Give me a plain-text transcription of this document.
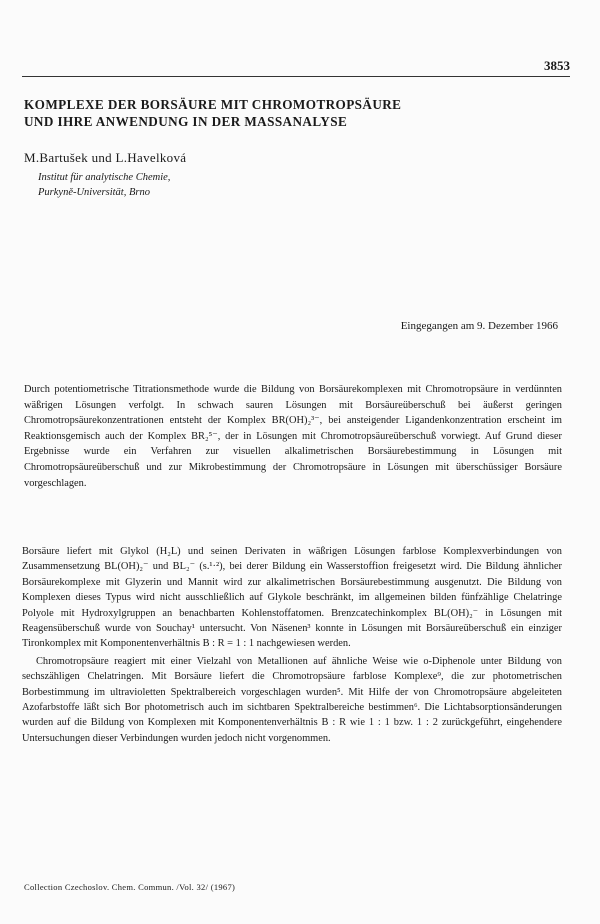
3853
KOMPLEXE DER BORSÄURE MIT CHROMOTROPSÄURE
UND IHRE ANWENDUNG IN DER MASSANALYSE
M.Bartušek und L.Havelková
Institut für analytische Chemie,
Purkyně-Universität, Brno
Eingegangen am 9. Dezember 1966
Durch potentiometrische Titrationsmethode wurde die Bildung von Borsäurekomplexen mit Chromotropsäure in verdünnten wäßrigen Lösungen verfolgt. In schwach sauren Lösungen mit Borsäureüberschuß bei äußerst geringen Chromotropsäurekonzentrationen entsteht der Komplex BR(OH)₂³⁻, bei ansteigender Ligandenkonzentration erscheint im Reaktionsgemisch auch der Komplex BR₂⁵⁻, der in Lösungen mit Chromotropsäureüberschuß vorwiegt. Auf Grund dieser Ergebnisse wurde ein Verfahren zur visuellen alkalimetrischen Borsäurebestimmung in Lösungen mit Chromotropsäureüberschuß und zur Mikrobestimmung der Chromotropsäure in Lösungen mit überschüssiger Borsäure vorgeschlagen.

Borsäure liefert mit Glykol (H₂L) und seinen Derivaten in wäßrigen Lösungen farblose Komplexverbindungen von Zusammensetzung BL(OH)₂⁻ und BL₂⁻ (s.¹·²), bei derer Bildung ein Wasserstoffion freigesetzt wird. Die Bildung ähnlicher Borsäurekomplexe mit Glyzerin und Mannit wird zur alkalimetrischen Borsäurebestimmung ausgenutzt. Die Bildung von Komplexen dieses Typus wird nicht ausschließlich auf Glykole beschränkt, im allgemeinen bilden fünfzählige Chelatringe Polyole mit Hydroxylgruppen an benachbarten Kohlenstoffatomen. Brenzcatechinkomplex BL(OH)₂⁻ in Lösungen mit Reagensüberschuß wurde von Souchay¹ untersucht. Von Näsenen³ konnte in Lösungen mit Borsäureüberschuß ein einziger Tironkomplex mit Komponentenverhältnis B : R = 1 : 1 nachgewiesen werden.

Chromotropsäure reagiert mit einer Vielzahl von Metallionen auf ähnliche Weise wie o-Diphenole unter Bildung von sechszähligen Chelatringen. Mit Borsäure liefert die Chromotropsäure farblose Komplexe⁹, die zur photometrischen Borbestimmung im ultravioletten Spektralbereich vorgeschlagen wurden⁵. Mit Hilfe der von Chromotropsäure abgeleiteten Azofarbstoffe läßt sich Bor photometrisch auch im sichtbaren Spektralbereiche bestimmen⁶. Die Lichtabsorptionsänderungen wurden auf die Bildung von Komplexen mit Komponentenverhältnis B : R wie 1 : 1 bzw. 1 : 2 zurückgeführt, eingehendere Untersuchungen dieser Verbindungen wurden jedoch nicht vorgenommen.

Collection Czechoslov. Chem. Commun. /Vol. 32/ (1967)
